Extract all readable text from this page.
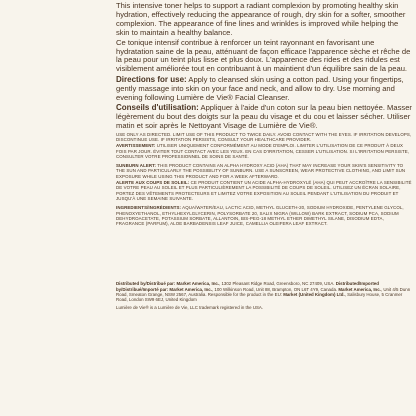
This intensive toner helps to support a radiant complexion by promoting healthy skin hydration, effectively reducing the appearance of rough, dry skin for a softer, smoother complexion. The appearance of fine lines and wrinkles is improved while helping the skin to maintain a healthy balance.

Ce tonique intensif contribue à renforcer un teint rayonnant en favorisant une hydratation saine de la peau, atténuant de façon efficace l'apparence sèche et rêche de la peau pour un teint plus lisse et plus doux. L'apparence des rides et des ridules est visiblement améliorée tout en contribuant à un maintient d'un équilibre sain de la peau.

Directions for use: Apply to cleansed skin using a cotton pad. Using your fingertips, gently massage into skin on your face and neck, and allow to dry. Use morning and evening following Lumière de Vie® Facial Cleanser.

Conseils d'utilisation: Appliquer à l'aide d'un coton sur la peau bien nettoyée. Masser légèrement du bout des doigts sur la peau du visage et du cou et laisser sécher. Utiliser matin et soir après le Nettoyant Visage de Lumière de Vie®.

USE ONLY AS DIRECTED. LIMIT USE OF THIS PRODUCT TO TWICE DAILY. AVOID CONTACT WITH THE EYES. IF IRRITATION DEVELOPS, DISCONTINUE USE. IF IRRITATION PERSISTS, CONSULT YOUR HEALTHCARE PROVIDER.

AVERTISSEMENT: UTILISER UNIQUEMENT CONFORMÉMENT AU MODE D'EMPLOI. LIMITER L'UTILISATION DE CE PRODUIT À DEUX FOIS PAR JOUR. ÉVITER TOUT CONTACT AVEC LES YEUX. EN CAS D'IRRITATION, CESSER L'UTILISATION. SI L'IRRITATION PERSISTE, CONSULTER VOTRE PROFESSIONNEL DE SOINS DE SANTÉ.

SUNBURN ALERT: THIS PRODUCT CONTAINS AN ALPHA HYDROXY ACID (AHA) THAT MAY INCREASE YOUR SKIN'S SENSITIVITY TO THE SUN AND PARTICULARLY THE POSSIBILITY OF SUNBURN. USE A SUNSCREEN, WEAR PROTECTIVE CLOTHING, AND LIMIT SUN EXPOSURE WHILE USING THIS PRODUCT AND FOR A WEEK AFTERWARD.

ALERTE AUX COUPS DE SOLEIL: CE PRODUIT CONTIENT UN ACIDE ALPHA-HYDROXYLÉ (AHA) QUI PEUT ACCROÎTRE LA SENSIBILITÉ DE VOTRE PEAU AU SOLEIL ET PLUS PARTICULIÈREMENT LA POSSIBILITÉ DE COUPS DE SOLEIL. UTILISEZ UN ÉCRAN SOLAIRE, PORTEZ DES VÊTEMENTS PROTECTEURS ET LIMITEZ VOTRE EXPOSITION AU SOLEIL PENDANT L'UTILISATION DU PRODUIT ET JUSQU'À UNE SEMAINE SUIVANTE.

INGREDIENTS/INGRÉDIENTS: AQUA/WATER/EAU, LACTIC ACID, METHYL GLUCETH-20, SODIUM HYDROXIDE, PENTYLENE GLYCOL, PHENOXYETHANOL, ETHYLHEXYLGLYCERIN, POLYSORBATE 20, SALIX NIGRA (WILLOW) BARK EXTRACT, SODIUM PCA, SODIUM DEHYDROACETATE, POTASSIUM SORBATE, ALLANTOIN, BIS-PEG-18 METHYL ETHER DIMETHYL SILANE, DISODIUM EDTA, FRAGRANCE (PARFUM), ALOE BARBADENSIS LEAF JUICE, CAMELLIA OLEIFERA LEAF EXTRACT.

Distributed by/Distribué par: Market America, Inc., 1302 Pleasant Ridge Road, Greensboro, NC 27409, USA. Distributed/Imported by/Distribué/Importé par: Market America, Inc., 100 Wilkinson Road, Unit 88, Brampton, ON L6T 4Y9, Canada. Market America, Inc., Unit 4/5 Dunn Road, Smeaton Grange, NSW 2567, Australia. Responsible for the product in the EU: Market (United Kingdom) Ltd., Salisbury House, 5 Cranmer Road, London SW9 6EJ, United Kingdom

Lumière de Vie® is a Lumière de Vie, LLC trademark registered in the USA.
